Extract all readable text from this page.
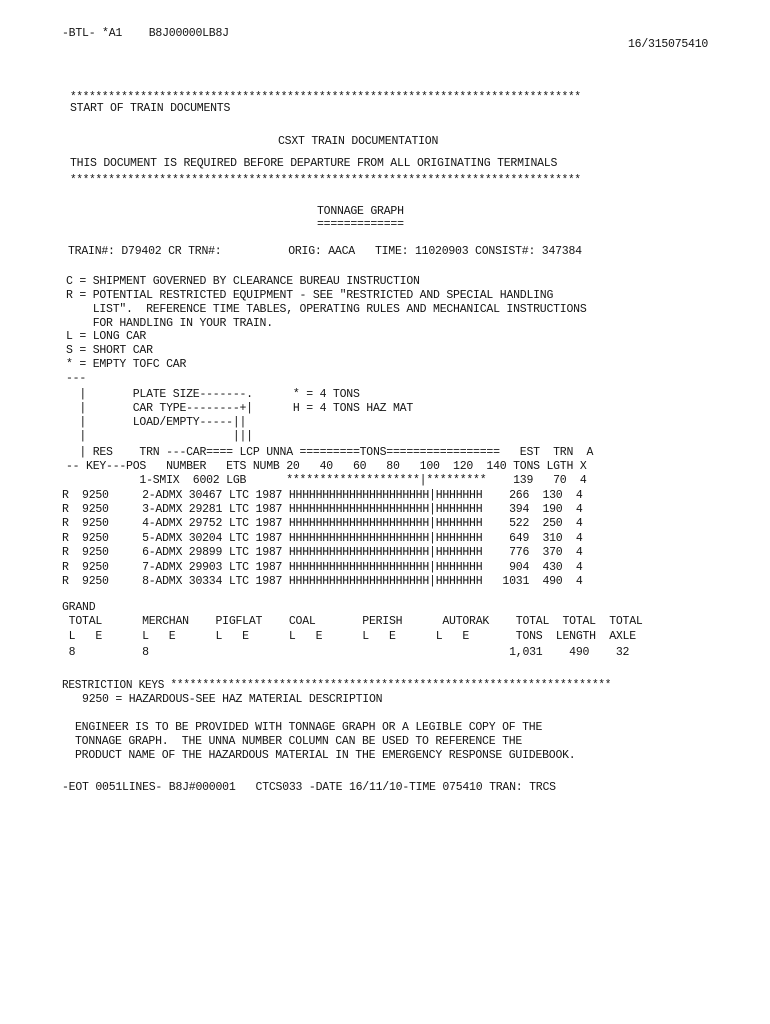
-BTL- *A1    B8J00000LB8J
16/315075410
********************************************************************************
START OF TRAIN DOCUMENTS
CSXT TRAIN DOCUMENTATION
THIS DOCUMENT IS REQUIRED BEFORE DEPARTURE FROM ALL ORIGINATING TERMINALS
********************************************************************************
TONNAGE GRAPH
=============
TRAIN#: D79402 CR TRN#:          ORIG: AACA   TIME: 11020903 CONSIST#: 347384
C = SHIPMENT GOVERNED BY CLEARANCE BUREAU INSTRUCTION
R = POTENTIAL RESTRICTED EQUIPMENT - SEE "RESTRICTED AND SPECIAL HANDLING
LIST".  REFERENCE TIME TABLES, OPERATING RULES AND MECHANICAL INSTRUCTIONS
FOR HANDLING IN YOUR TRAIN.
L = LONG CAR
S = SHORT CAR
* = EMPTY TOFC CAR
---
|       PLATE SIZE-------.      * = 4 TONS
|       CAR TYPE--------+|      H = 4 TONS HAZ MAT
|       LOAD/EMPTY-----||
|                      |||
| RES    TRN ---CAR==== LCP UNNA =========TONS=================   EST  TRN  A
-- KEY---POS   NUMBER   ETS NUMB 20   40   60   80   100  120  140 TONS LGTH X
1-SMIX  6002 LGB      ********************|*********    139   70  4
R  9250     2-ADMX 30467 LTC 1987 HHHHHHHHHHHHHHHHHHHHH|HHHHHHH    266  130  4
R  9250     3-ADMX 29281 LTC 1987 HHHHHHHHHHHHHHHHHHHHH|HHHHHHH    394  190  4
R  9250     4-ADMX 29752 LTC 1987 HHHHHHHHHHHHHHHHHHHHH|HHHHHHH    522  250  4
R  9250     5-ADMX 30204 LTC 1987 HHHHHHHHHHHHHHHHHHHHH|HHHHHHH    649  310  4
R  9250     6-ADMX 29899 LTC 1987 HHHHHHHHHHHHHHHHHHHHH|HHHHHHH    776  370  4
R  9250     7-ADMX 29903 LTC 1987 HHHHHHHHHHHHHHHHHHHHH|HHHHHHH    904  430  4
R  9250     8-ADMX 30334 LTC 1987 HHHHHHHHHHHHHHHHHHHHH|HHHHHHH   1031  490  4
GRAND
TOTAL      MERCHAN    PIGFLAT    COAL       PERISH      AUTORAK    TOTAL  TOTAL  TOTAL
L   E      L   E      L   E      L   E      L   E      L   E       TONS  LENGTH  AXLE
8          8                                                      1,031    490    32
RESTRICTION KEYS *********************************************************************
9250 = HAZARDOUS-SEE HAZ MATERIAL DESCRIPTION
ENGINEER IS TO BE PROVIDED WITH TONNAGE GRAPH OR A LEGIBLE COPY OF THE
TONNAGE GRAPH.  THE UNNA NUMBER COLUMN CAN BE USED TO REFERENCE THE
PRODUCT NAME OF THE HAZARDOUS MATERIAL IN THE EMERGENCY RESPONSE GUIDEBOOK.
-EOT 0051LINES- B8J#000001   CTCS033 -DATE 16/11/10-TIME 075410 TRAN: TRCS
